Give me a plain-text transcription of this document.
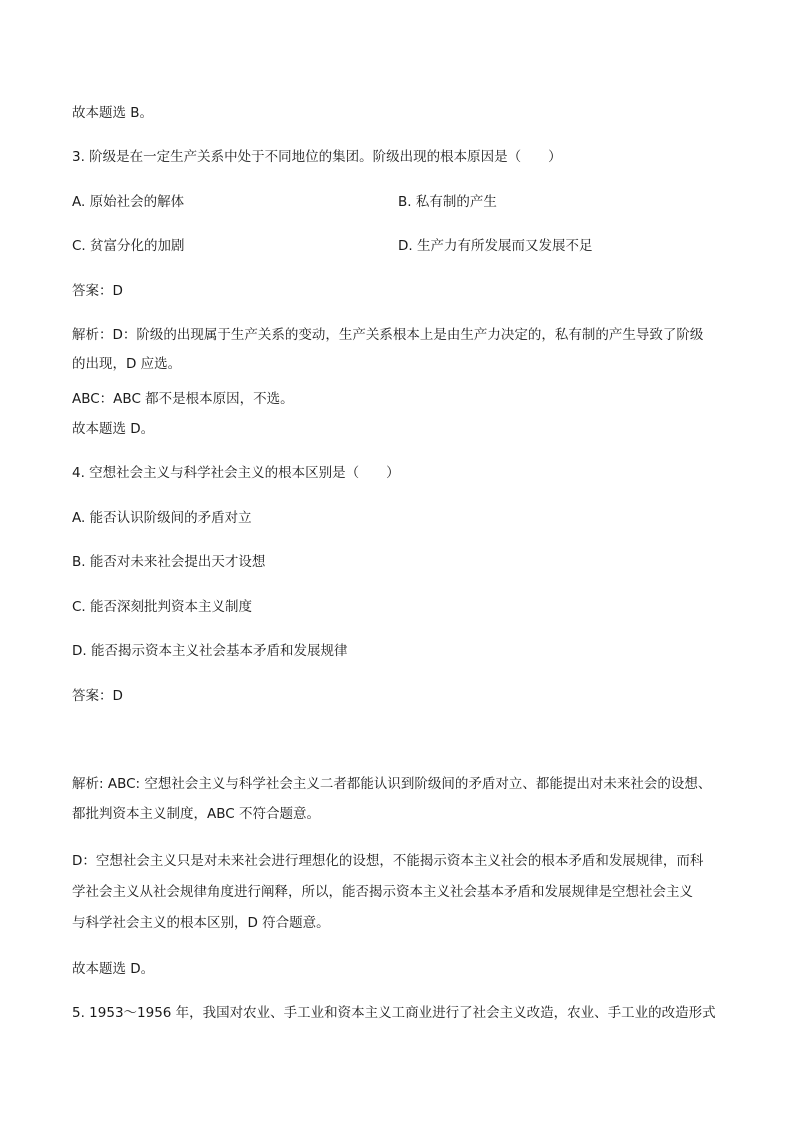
故本题选 B。
3. 阶级是在一定生产关系中处于不同地位的集团。阶级出现的根本原因是（　　）
A. 原始社会的解体	B. 私有制的产生
C. 贫富分化的加剧	D. 生产力有所发展而又发展不足
答案：D
解析：D：阶级的出现属于生产关系的变动，生产关系根本上是由生产力决定的，私有制的产生导致了阶级
的出现，D 应选。
ABC：ABC 都不是根本原因，不选。
故本题选 D。
4. 空想社会主义与科学社会主义的根本区别是（　　）
A. 能否认识阶级间的矛盾对立
B. 能否对未来社会提出天才设想
C. 能否深刻批判资本主义制度
D. 能否揭示资本主义社会基本矛盾和发展规律
答案：D
解析: ABC: 空想社会主义与科学社会主义二者都能认识到阶级间的矛盾对立、都能提出对未来社会的设想、
都批判资本主义制度，ABC 不符合题意。
D：空想社会主义只是对未来社会进行理想化的设想，不能揭示资本主义社会的根本矛盾和发展规律，而科
学社会主义从社会规律角度进行阐释，所以，能否揭示资本主义社会基本矛盾和发展规律是空想社会主义
与科学社会主义的根本区别，D 符合题意。
故本题选 D。
5. 1953～1956 年，我国对农业、手工业和资本主义工商业进行了社会主义改造，农业、手工业的改造形式
